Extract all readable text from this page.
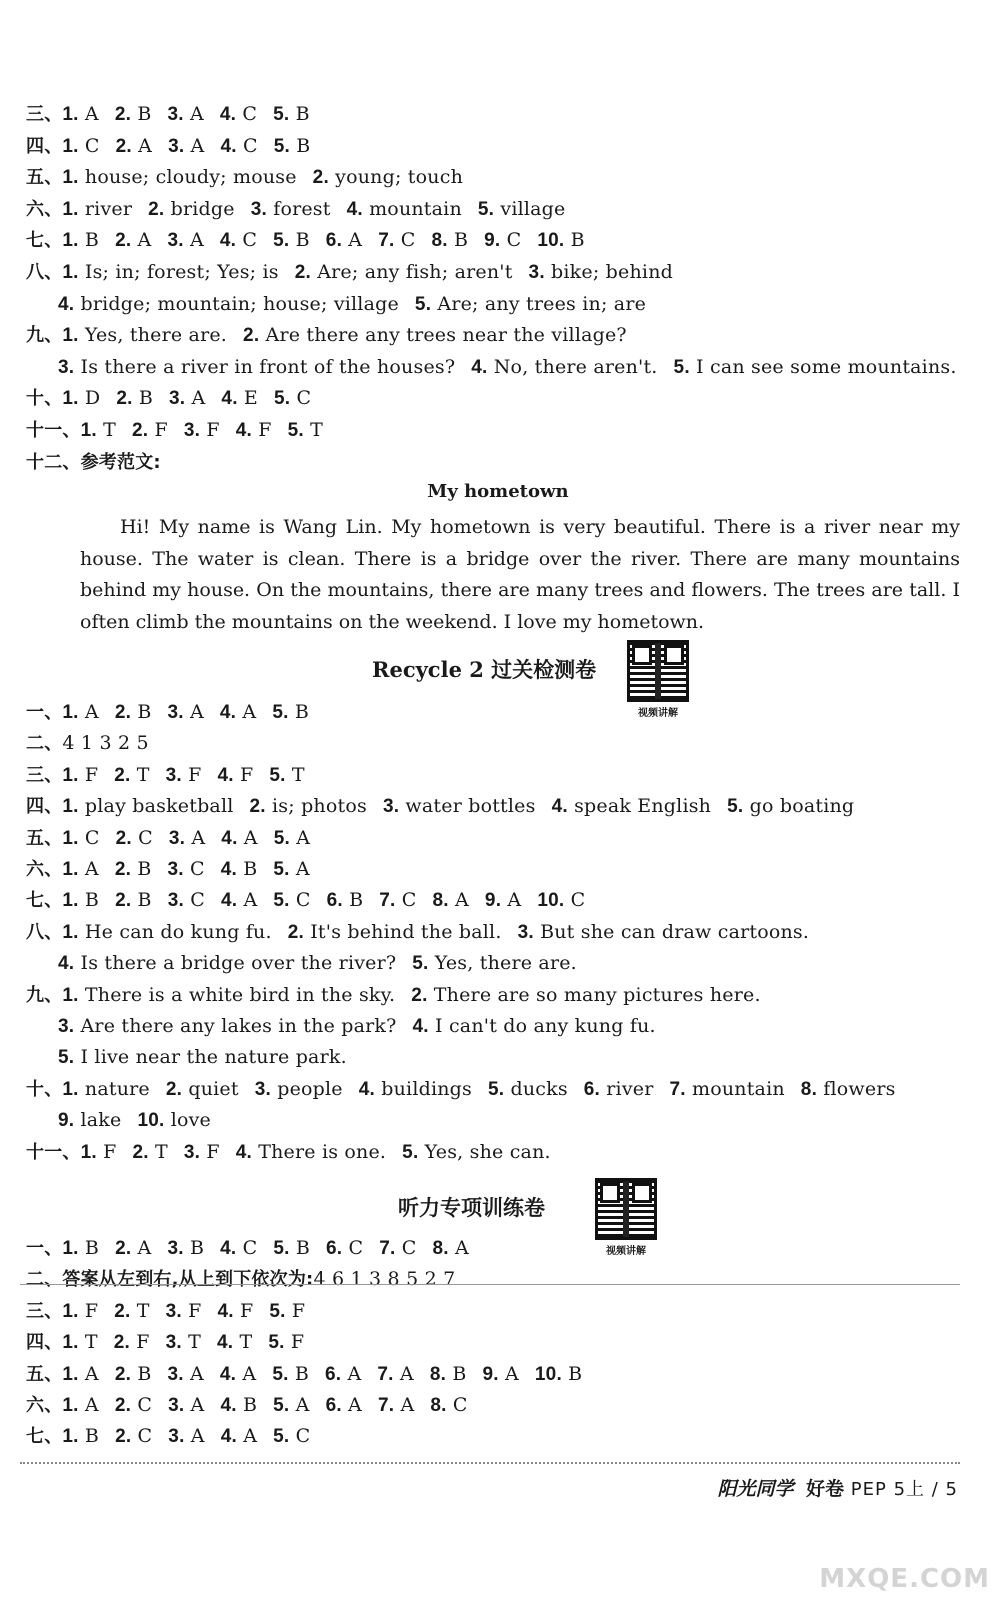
三、1. A 2. B 3. A 4. C 5. B
四、1. C 2. A 3. A 4. C 5. B
五、1. house; cloudy; mouse 2. young; touch
六、1. river 2. bridge 3. forest 4. mountain 5. village
七、1. B 2. A 3. A 4. C 5. B 6. A 7. C 8. B 9. C 10. B
八、1. Is; in; forest; Yes; is 2. Are; any fish; aren't 3. bike; behind
4. bridge; mountain; house; village 5. Are; any trees in; are
九、1. Yes, there are. 2. Are there any trees near the village?
3. Is there a river in front of the houses? 4. No, there aren't. 5. I can see some mountains.
十、1. D 2. B 3. A 4. E 5. C
十一、1. T 2. F 3. F 4. F 5. T
十二、参考范文:
My hometown
Hi! My name is Wang Lin. My hometown is very beautiful. There is a river near my house. The water is clean. There is a bridge over the river. There are many mountains behind my house. On the mountains, there are many trees and flowers. The trees are tall. I often climb the mountains on the weekend. I love my hometown.
Recycle 2 过关检测卷
视频讲解
一、1. A 2. B 3. A 4. A 5. B
二、4 1 3 2 5
三、1. F 2. T 3. F 4. F 5. T
四、1. play basketball 2. is; photos 3. water bottles 4. speak English 5. go boating
五、1. C 2. C 3. A 4. A 5. A
六、1. A 2. B 3. C 4. B 5. A
七、1. B 2. B 3. C 4. A 5. C 6. B 7. C 8. A 9. A 10. C
八、1. He can do kung fu. 2. It's behind the ball. 3. But she can draw cartoons.
4. Is there a bridge over the river? 5. Yes, there are.
九、1. There is a white bird in the sky. 2. There are so many pictures here.
3. Are there any lakes in the park? 4. I can't do any kung fu.
5. I live near the nature park.
十、1. nature 2. quiet 3. people 4. buildings 5. ducks 6. river 7. mountain 8. flowers
9. lake 10. love
十一、1. F 2. T 3. F 4. There is one. 5. Yes, she can.
听力专项训练卷
视频讲解
一、1. B 2. A 3. B 4. C 5. B 6. C 7. C 8. A
二、答案从左到右,从上到下依次为:4 6 1 3 8 5 2 7
三、1. F 2. T 3. F 4. F 5. F
四、1. T 2. F 3. T 4. T 5. F
五、1. A 2. B 3. A 4. A 5. B 6. A 7. A 8. B 9. A 10. B
六、1. A 2. C 3. A 4. B 5. A 6. A 7. A 8. C
七、1. B 2. C 3. A 4. A 5. C
阳光同学 好卷 PEP 5上 / 5
MXQE.COM
